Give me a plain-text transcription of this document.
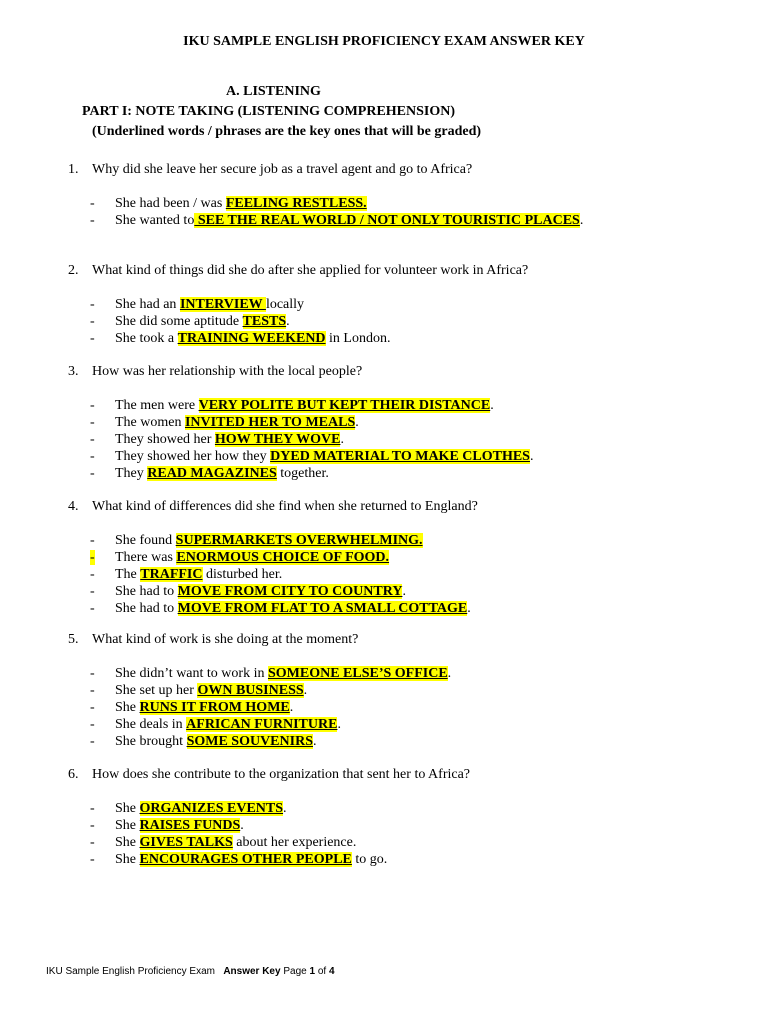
IKU SAMPLE ENGLISH PROFICIENCY EXAM ANSWER KEY
A. LISTENING
PART I: NOTE TAKING (LISTENING COMPREHENSION)
(Underlined words / phrases are the key ones that will be graded)
1. Why did she leave her secure job as a travel agent and go to Africa?
- She had been / was FEELING RESTLESS.
- She wanted to SEE THE REAL WORLD / NOT ONLY TOURISTIC PLACES.
2. What kind of things did she do after she applied for volunteer work in Africa?
- She had an INTERVIEW locally
- She did some aptitude TESTS.
- She took a TRAINING WEEKEND in London.
3. How was her relationship with the local people?
- The men were VERY POLITE BUT KEPT THEIR DISTANCE.
- The women INVITED HER TO MEALS.
- They showed her HOW THEY WOVE.
- They showed her how they DYED MATERIAL TO MAKE CLOTHES.
- They READ MAGAZINES together.
4. What kind of differences did she find when she returned to England?
- She found SUPERMARKETS OVERWHELMING.
- There was ENORMOUS CHOICE OF FOOD.
- The TRAFFIC disturbed her.
- She had to MOVE FROM CITY TO COUNTRY.
- She had to MOVE FROM FLAT TO A SMALL COTTAGE.
5. What kind of work is she doing at the moment?
- She didn’t want to work in SOMEONE ELSE’S OFFICE.
- She set up her OWN BUSINESS.
- She RUNS IT FROM HOME.
- She deals in AFRICAN FURNITURE.
- She brought SOME SOUVENIRS.
6. How does she contribute to the organization that sent her to Africa?
- She ORGANIZES EVENTS.
- She RAISES FUNDS.
- She GIVES TALKS about her experience.
- She ENCOURAGES OTHER PEOPLE to go.
IKU Sample English Proficiency Exam Answer Key Page 1 of 4
